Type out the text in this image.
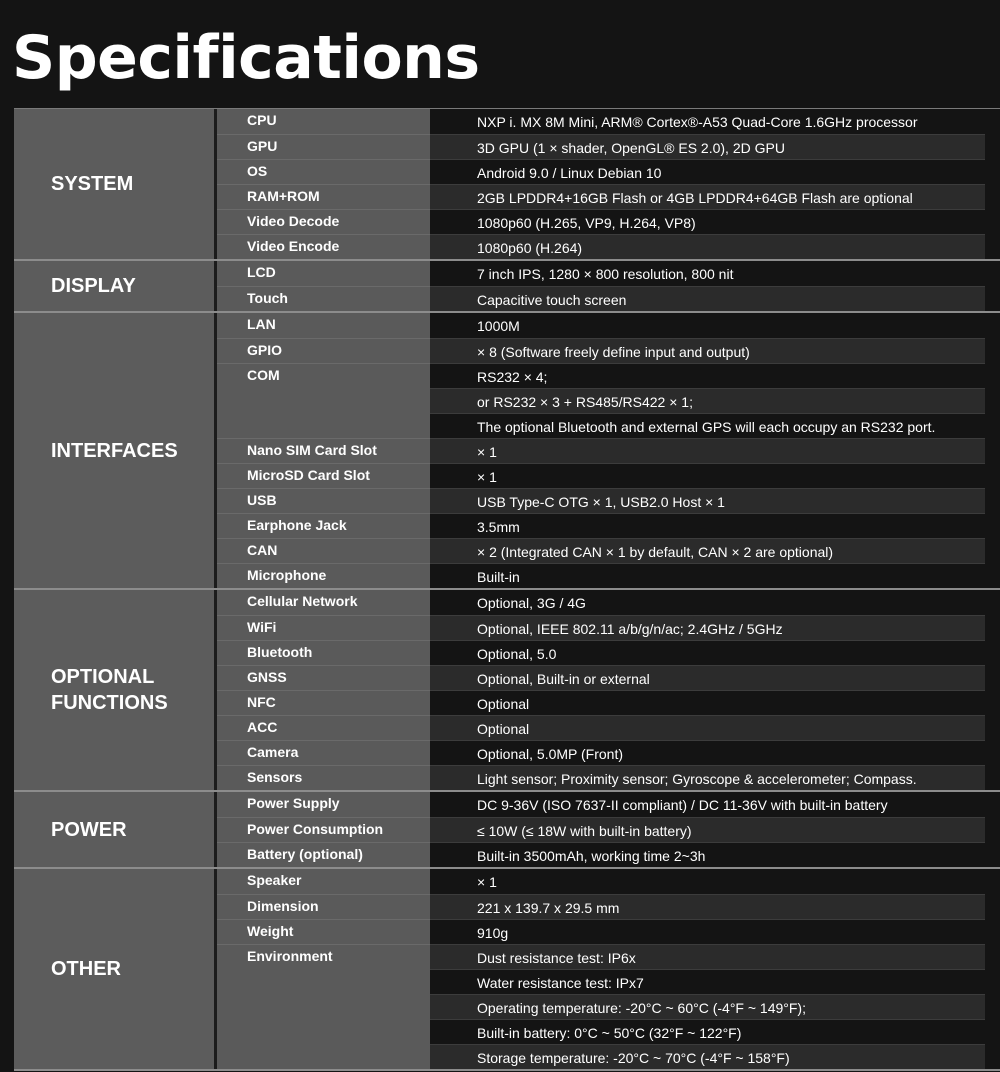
Specifications
SYSTEM
CPU	NXP i. MX 8M Mini, ARM® Cortex®-A53 Quad-Core 1.6GHz processor
GPU	3D GPU (1 × shader, OpenGL® ES 2.0), 2D GPU
OS	Android 9.0 / Linux Debian 10
RAM+ROM	2GB LPDDR4+16GB Flash or 4GB LPDDR4+64GB Flash are optional
Video Decode	1080p60 (H.265, VP9, H.264, VP8)
Video Encode	1080p60 (H.264)
DISPLAY
LCD	7 inch IPS, 1280 × 800 resolution, 800 nit
Touch	Capacitive touch screen
INTERFACES
LAN	1000M
GPIO	× 8 (Software freely define input and output)
COM	RS232 × 4;
or RS232 × 3 + RS485/RS422 × 1;
The optional Bluetooth and external GPS will each occupy an RS232 port.
Nano SIM Card Slot	× 1
MicroSD Card Slot	× 1
USB	USB Type-C OTG × 1, USB2.0 Host × 1
Earphone Jack	3.5mm
CAN	× 2 (Integrated CAN × 1 by default, CAN × 2 are optional)
Microphone	Built-in
OPTIONAL
FUNCTIONS
Cellular Network	Optional, 3G / 4G
WiFi	Optional, IEEE 802.11 a/b/g/n/ac; 2.4GHz / 5GHz
Bluetooth	Optional, 5.0
GNSS	Optional, Built-in or external
NFC	Optional
ACC	Optional
Camera	Optional, 5.0MP (Front)
Sensors	Light sensor; Proximity sensor; Gyroscope & accelerometer; Compass.
POWER
Power Supply	DC 9-36V (ISO 7637-II compliant) / DC 11-36V with built-in battery
Power Consumption	≤ 10W (≤ 18W with built-in battery)
Battery (optional)	Built-in 3500mAh, working time 2~3h
OTHER
Speaker	× 1
Dimension	221 x 139.7 x 29.5 mm
Weight	910g
Environment	Dust resistance test: IP6x
Water resistance test: IPx7
Operating temperature: -20°C ~ 60°C (-4°F ~ 149°F);
Built-in battery: 0°C ~ 50°C (32°F ~ 122°F)
Storage temperature: -20°C ~ 70°C (-4°F ~ 158°F)
